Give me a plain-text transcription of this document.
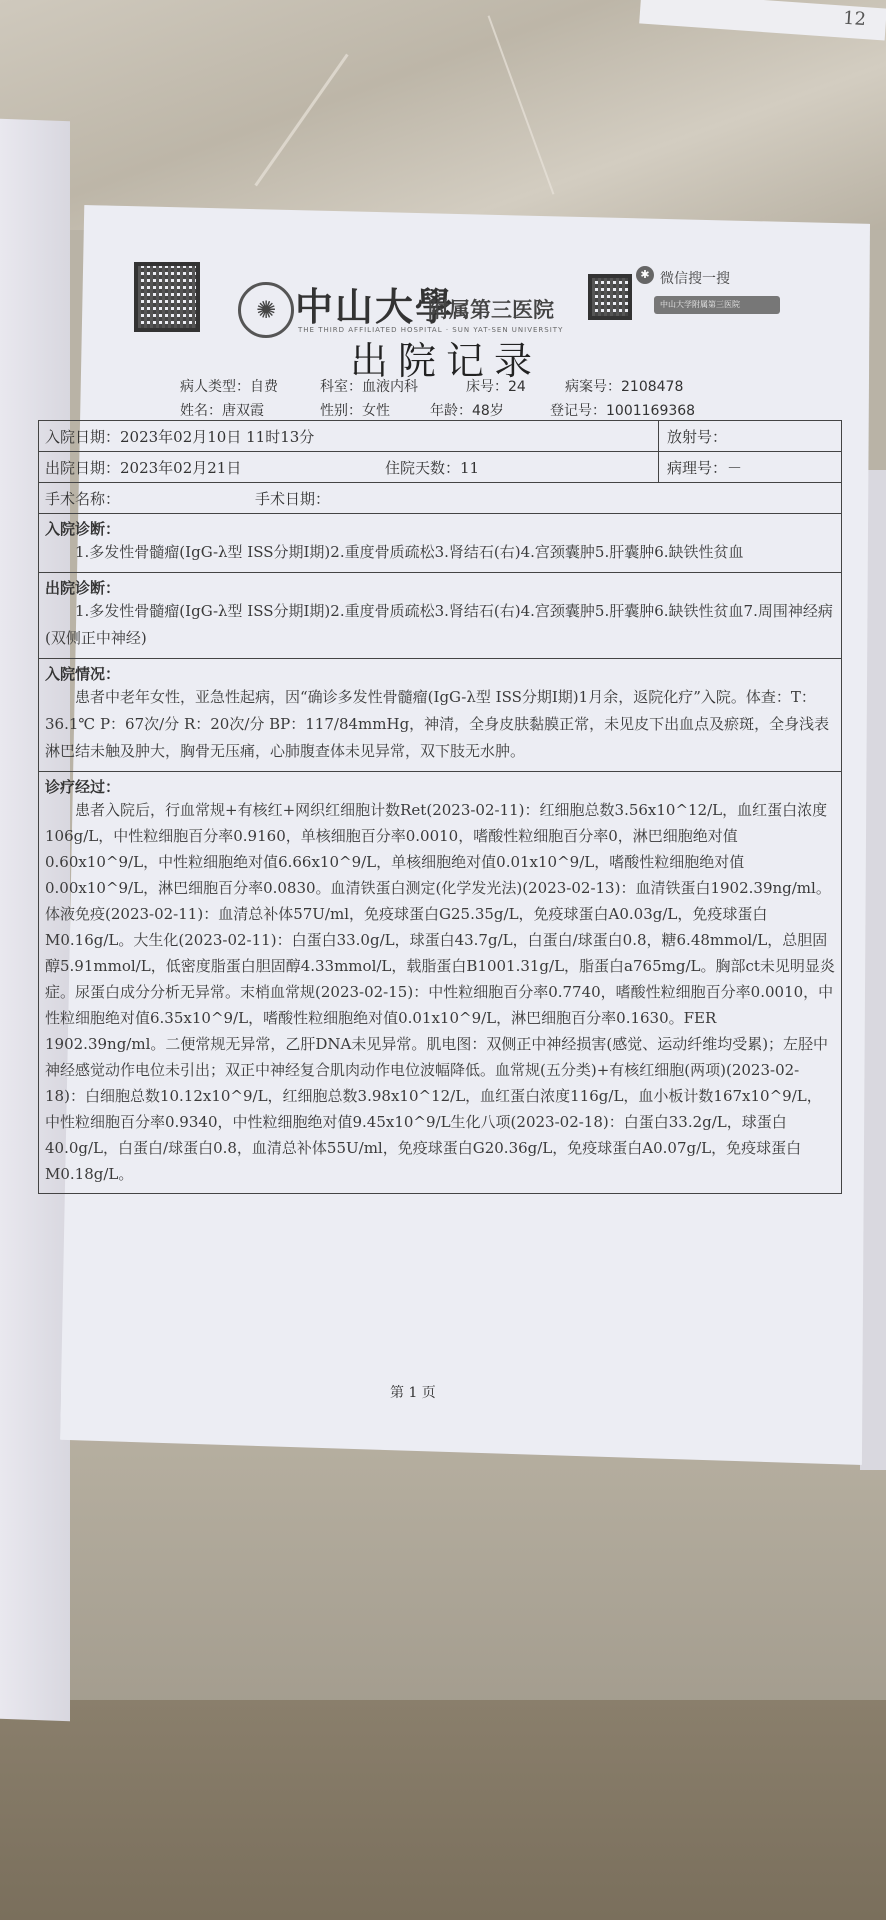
12
✺ 中山大學
附属第三医院
THE THIRD AFFILIATED HOSPITAL · SUN YAT-SEN UNIVERSITY
✱ 微信搜一搜
中山大学附属第三医院
出院记录
病人类型：自费	科室：血液内科	床号：24	病案号：2108478
姓名：唐双霞	性别：女性	年龄：48岁	登记号：1001169368
入院日期：2023年02月10日 11时13分	放射号：
出院日期：2023年02月21日	住院天数：11	病理号：－
手术名称：	手术日期：
入院诊断：
1.多发性骨髓瘤(IgG-λ型 ISS分期Ⅰ期)2.重度骨质疏松3.肾结石(右)4.宫颈囊肿5.肝囊肿6.缺铁性贫血
出院诊断：
1.多发性骨髓瘤(IgG-λ型 ISS分期Ⅰ期)2.重度骨质疏松3.肾结石(右)4.宫颈囊肿5.肝囊肿6.缺铁性贫血7.周围神经病(双侧正中神经)
入院情况：
患者中老年女性，亚急性起病，因“确诊多发性骨髓瘤(IgG-λ型 ISS分期Ⅰ期)1月余，返院化疗”入院。体查：T：36.1℃ P：67次/分 R：20次/分 BP：117/84mmHg，神清，全身皮肤黏膜正常，未见皮下出血点及瘀斑，全身浅表淋巴结未触及肿大，胸骨无压痛，心肺腹查体未见异常，双下肢无水肿。
诊疗经过：
患者入院后，行血常规+有核红+网织红细胞计数Ret(2023-02-11)：红细胞总数3.56x10^12/L，血红蛋白浓度106g/L，中性粒细胞百分率0.9160，单核细胞百分率0.0010，嗜酸性粒细胞百分率0，淋巴细胞绝对值0.60x10^9/L，中性粒细胞绝对值6.66x10^9/L，单核细胞绝对值0.01x10^9/L，嗜酸性粒细胞绝对值0.00x10^9/L，淋巴细胞百分率0.0830。血清铁蛋白测定(化学发光法)(2023-02-13)：血清铁蛋白1902.39ng/ml。体液免疫(2023-02-11)：血清总补体57U/ml，免疫球蛋白G25.35g/L，免疫球蛋白A0.03g/L，免疫球蛋白M0.16g/L。大生化(2023-02-11)：白蛋白33.0g/L，球蛋白43.7g/L，白蛋白/球蛋白0.8，糖6.48mmol/L，总胆固醇5.91mmol/L，低密度脂蛋白胆固醇4.33mmol/L，载脂蛋白B1001.31g/L，脂蛋白a765mg/L。胸部ct未见明显炎症。尿蛋白成分分析无异常。末梢血常规(2023-02-15)：中性粒细胞百分率0.7740，嗜酸性粒细胞百分率0.0010，中性粒细胞绝对值6.35x10^9/L，嗜酸性粒细胞绝对值0.01x10^9/L，淋巴细胞百分率0.1630。FER 1902.39ng/ml。二便常规无异常，乙肝DNA未见异常。肌电图：双侧正中神经损害(感觉、运动纤维均受累)；左胫中神经感觉动作电位未引出；双正中神经复合肌肉动作电位波幅降低。血常规(五分类)+有核红细胞(两项)(2023-02-18)：白细胞总数10.12x10^9/L，红细胞总数3.98x10^12/L，血红蛋白浓度116g/L，血小板计数167x10^9/L，中性粒细胞百分率0.9340，中性粒细胞绝对值9.45x10^9/L生化八项(2023-02-18)：白蛋白33.2g/L，球蛋白40.0g/L，白蛋白/球蛋白0.8，血清总补体55U/ml，免疫球蛋白G20.36g/L，免疫球蛋白A0.07g/L，免疫球蛋白M0.18g/L。
第 1 页
